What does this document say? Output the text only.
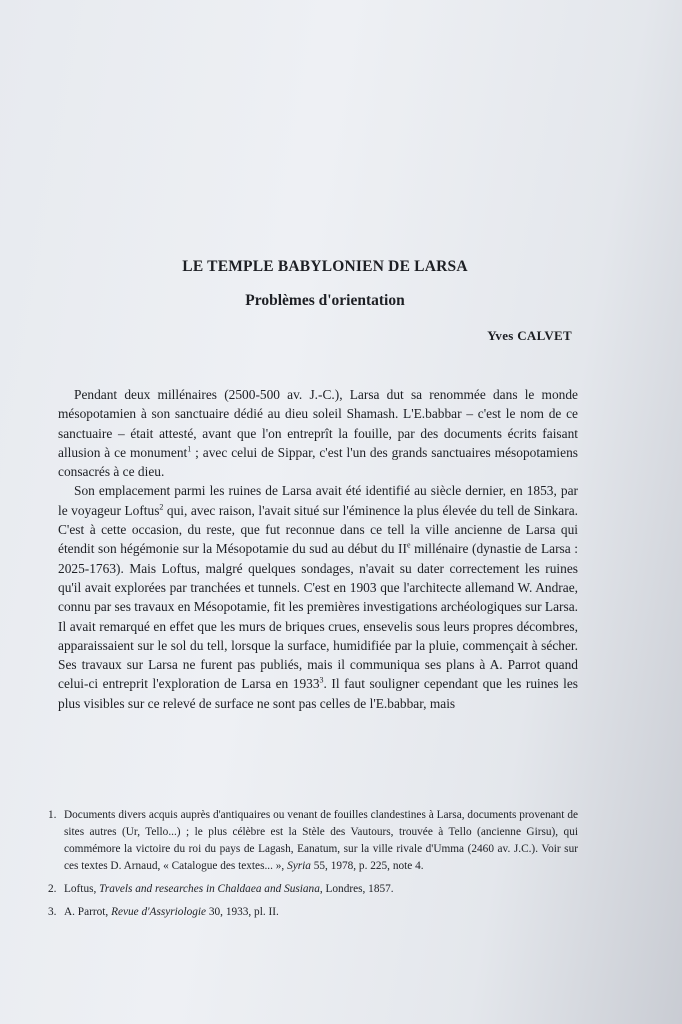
LE TEMPLE BABYLONIEN DE LARSA
Problèmes d'orientation
Yves CALVET

Pendant deux millénaires (2500-500 av. J.-C.), Larsa dut sa renommée dans le monde mésopotamien à son sanctuaire dédié au dieu soleil Shamash. L'E.babbar – c'est le nom de ce sanctuaire – était attesté, avant que l'on entreprît la fouille, par des documents écrits faisant allusion à ce monument$^1$ ; avec celui de Sippar, c'est l'un des grands sanctuaires mésopotamiens consacrés à ce dieu.

Son emplacement parmi les ruines de Larsa avait été identifié au siècle dernier, en 1853, par le voyageur Loftus$^2$ qui, avec raison, l'avait situé sur l'éminence la plus élevée du tell de Sinkara. C'est à cette occasion, du reste, que fut reconnue dans ce tell la ville ancienne de Larsa qui étendit son hégémonie sur la Mésopotamie du sud au début du IIe millénaire (dynastie de Larsa : 2025-1763). Mais Loftus, malgré quelques sondages, n'avait su dater correctement les ruines qu'il avait explorées par tranchées et tunnels. C'est en 1903 que l'architecte allemand W. Andrae, connu par ses travaux en Mésopotamie, fit les premières investigations archéologiques sur Larsa. Il avait remarqué en effet que les murs de briques crues, ensevelis sous leurs propres décombres, apparaissaient sur le sol du tell, lorsque la surface, humidifiée par la pluie, commençait à sécher. Ses travaux sur Larsa ne furent pas publiés, mais il communiqua ses plans à A. Parrot quand celui-ci entreprit l'exploration de Larsa en 1933$^3$. Il faut souligner cependant que les ruines les plus visibles sur ce relevé de surface ne sont pas celles de l'E.babbar, mais

1. Documents divers acquis auprès d'antiquaires ou venant de fouilles clandestines à Larsa, documents provenant de sites autres (Ur, Tello...) ; le plus célèbre est la Stèle des Vautours, trouvée à Tello (ancienne Girsu), qui commémore la victoire du roi du pays de Lagash, Eanatum, sur la ville rivale d'Umma (2460 av. J.C.). Voir sur ces textes D. Arnaud, « Catalogue des textes... », Syria 55, 1978, p. 225, note 4.
2. Loftus, Travels and researches in Chaldaea and Susiana, Londres, 1857.
3. A. Parrot, Revue d'Assyriologie 30, 1933, pl. II.
